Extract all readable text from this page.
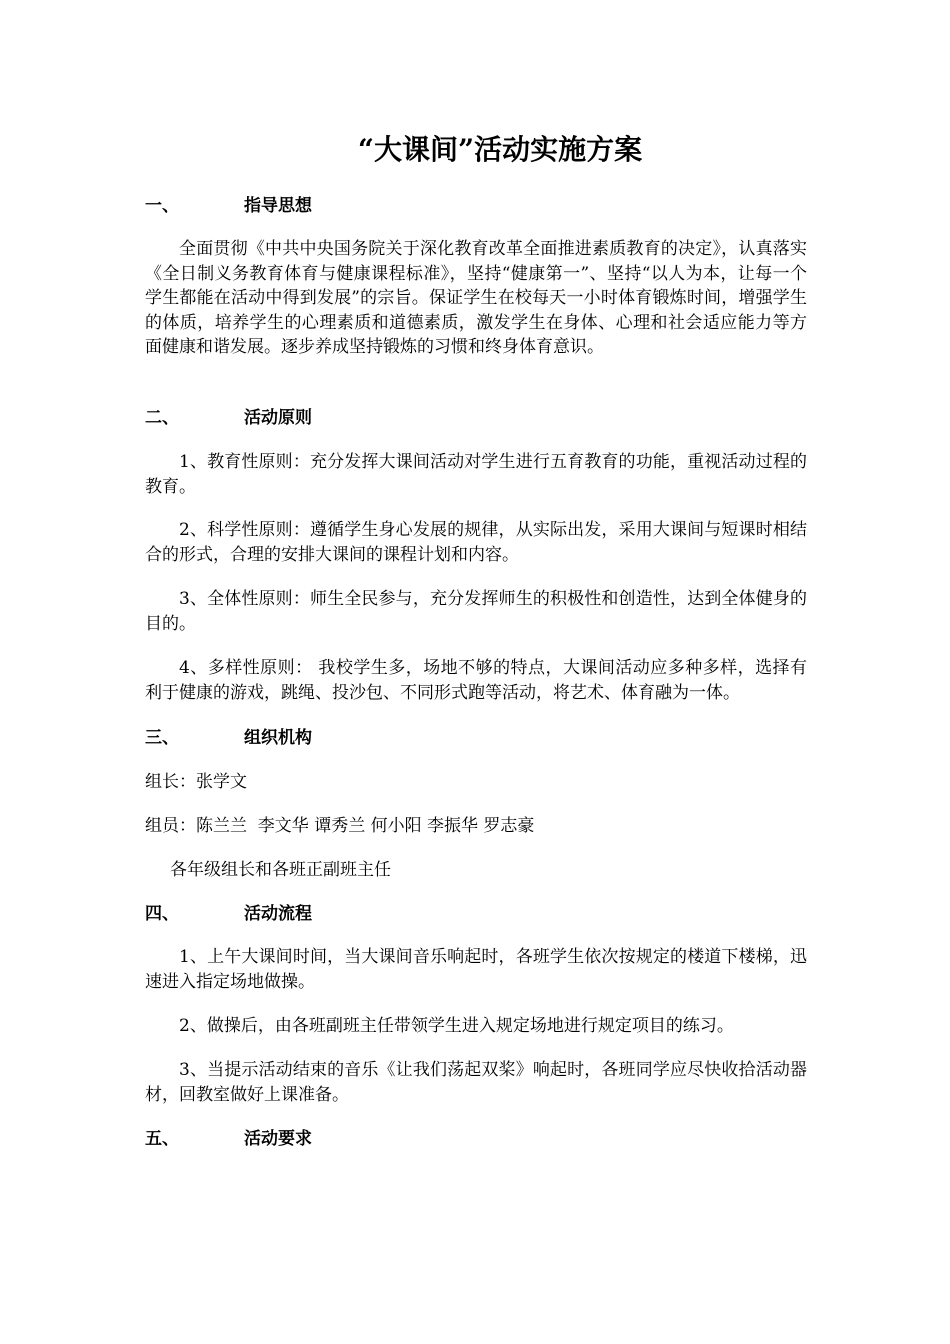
“大课间”活动实施方案
一、	指导思想
全面贯彻《中共中央国务院关于深化教育改革全面推进素质教育的决定》，认真落实《全日制义务教育体育与健康课程标准》，坚持“健康第一”、坚持“以人为本，让每一个学生都能在活动中得到发展”的宗旨。保证学生在校每天一小时体育锻炼时间，增强学生的体质，培养学生的心理素质和道德素质，激发学生在身体、心理和社会适应能力等方面健康和谐发展。逐步养成坚持锻炼的习惯和终身体育意识。
二、	活动原则
1、教育性原则：充分发挥大课间活动对学生进行五育教育的功能，重视活动过程的教育。
2、科学性原则：遵循学生身心发展的规律，从实际出发，采用大课间与短课时相结合的形式，合理的安排大课间的课程计划和内容。
3、全体性原则：师生全民参与，充分发挥师生的积极性和创造性，达到全体健身的目的。
4、多样性原则： 我校学生多，场地不够的特点，大课间活动应多种多样，选择有利于健康的游戏，跳绳、投沙包、不同形式跑等活动，将艺术、体育融为一体。
三、	组织机构
组长：张学文
组员：陈兰兰  李文华 谭秀兰 何小阳 李振华 罗志豪
各年级组长和各班正副班主任
四、	活动流程
1、上午大课间时间，当大课间音乐响起时，各班学生依次按规定的楼道下楼梯，迅速进入指定场地做操。
2、做操后，由各班副班主任带领学生进入规定场地进行规定项目的练习。
3、当提示活动结束的音乐《让我们荡起双桨》响起时，各班同学应尽快收拾活动器材，回教室做好上课准备。
五、	活动要求
